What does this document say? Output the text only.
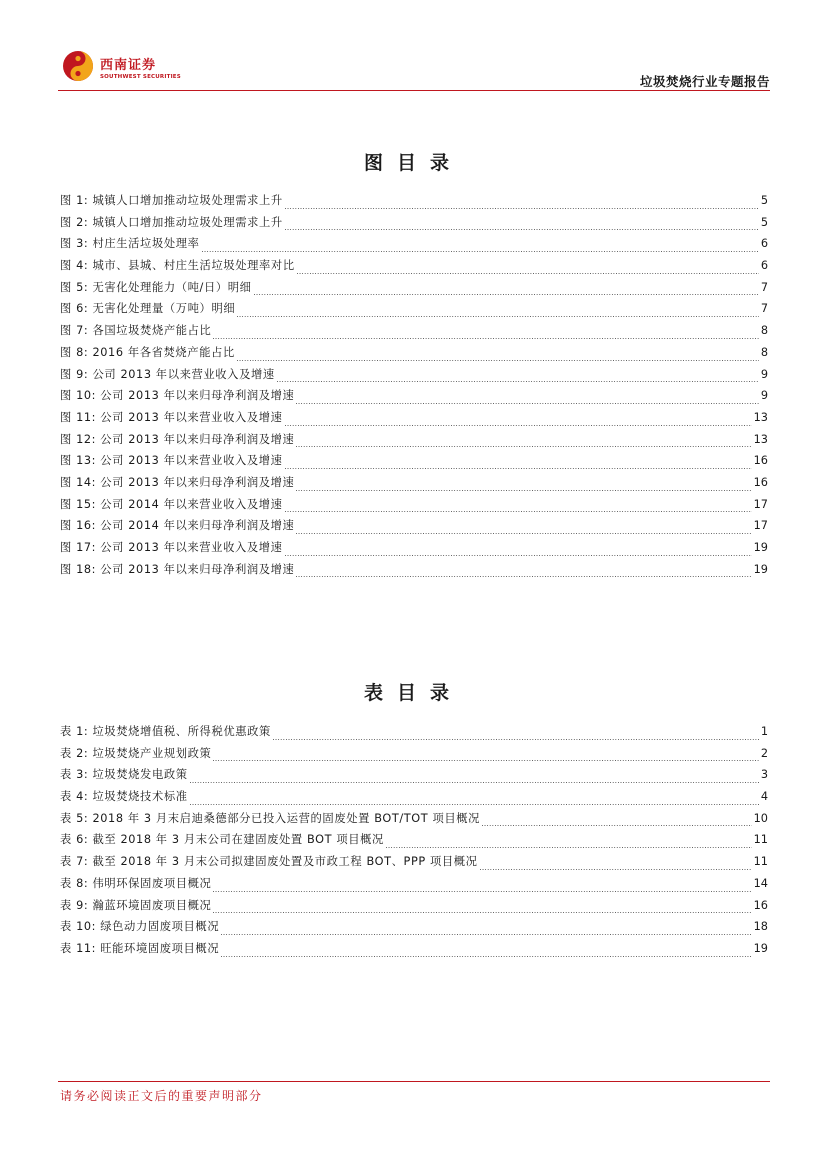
西南证券
SOUTHWEST SECURITIES	垃圾焚烧行业专题报告
图目录
图 1: 城镇人口增加推动垃圾处理需求上升	5
图 2: 城镇人口增加推动垃圾处理需求上升	5
图 3: 村庄生活垃圾处理率	6
图 4: 城市、县城、村庄生活垃圾处理率对比	6
图 5: 无害化处理能力（吨/日）明细	7
图 6: 无害化处理量（万吨）明细	7
图 7: 各国垃圾焚烧产能占比	8
图 8: 2016 年各省焚烧产能占比	8
图 9: 公司 2013 年以来营业收入及增速	9
图 10: 公司 2013 年以来归母净利润及增速	9
图 11: 公司 2013 年以来营业收入及增速	13
图 12: 公司 2013 年以来归母净利润及增速	13
图 13: 公司 2013 年以来营业收入及增速	16
图 14: 公司 2013 年以来归母净利润及增速	16
图 15: 公司 2014 年以来营业收入及增速	17
图 16: 公司 2014 年以来归母净利润及增速	17
图 17: 公司 2013 年以来营业收入及增速	19
图 18: 公司 2013 年以来归母净利润及增速	19
表目录
表 1: 垃圾焚烧增值税、所得税优惠政策	1
表 2: 垃圾焚烧产业规划政策	2
表 3: 垃圾焚烧发电政策	3
表 4: 垃圾焚烧技术标准	4
表 5: 2018 年 3 月末启迪桑德部分已投入运营的固废处置 BOT/TOT 项目概况	10
表 6: 截至 2018 年 3 月末公司在建固废处置 BOT 项目概况	11
表 7: 截至 2018 年 3 月末公司拟建固废处置及市政工程 BOT、PPP 项目概况	11
表 8: 伟明环保固废项目概况	14
表 9: 瀚蓝环境固废项目概况	16
表 10: 绿色动力固废项目概况	18
表 11: 旺能环境固废项目概况	19
请务必阅读正文后的重要声明部分
